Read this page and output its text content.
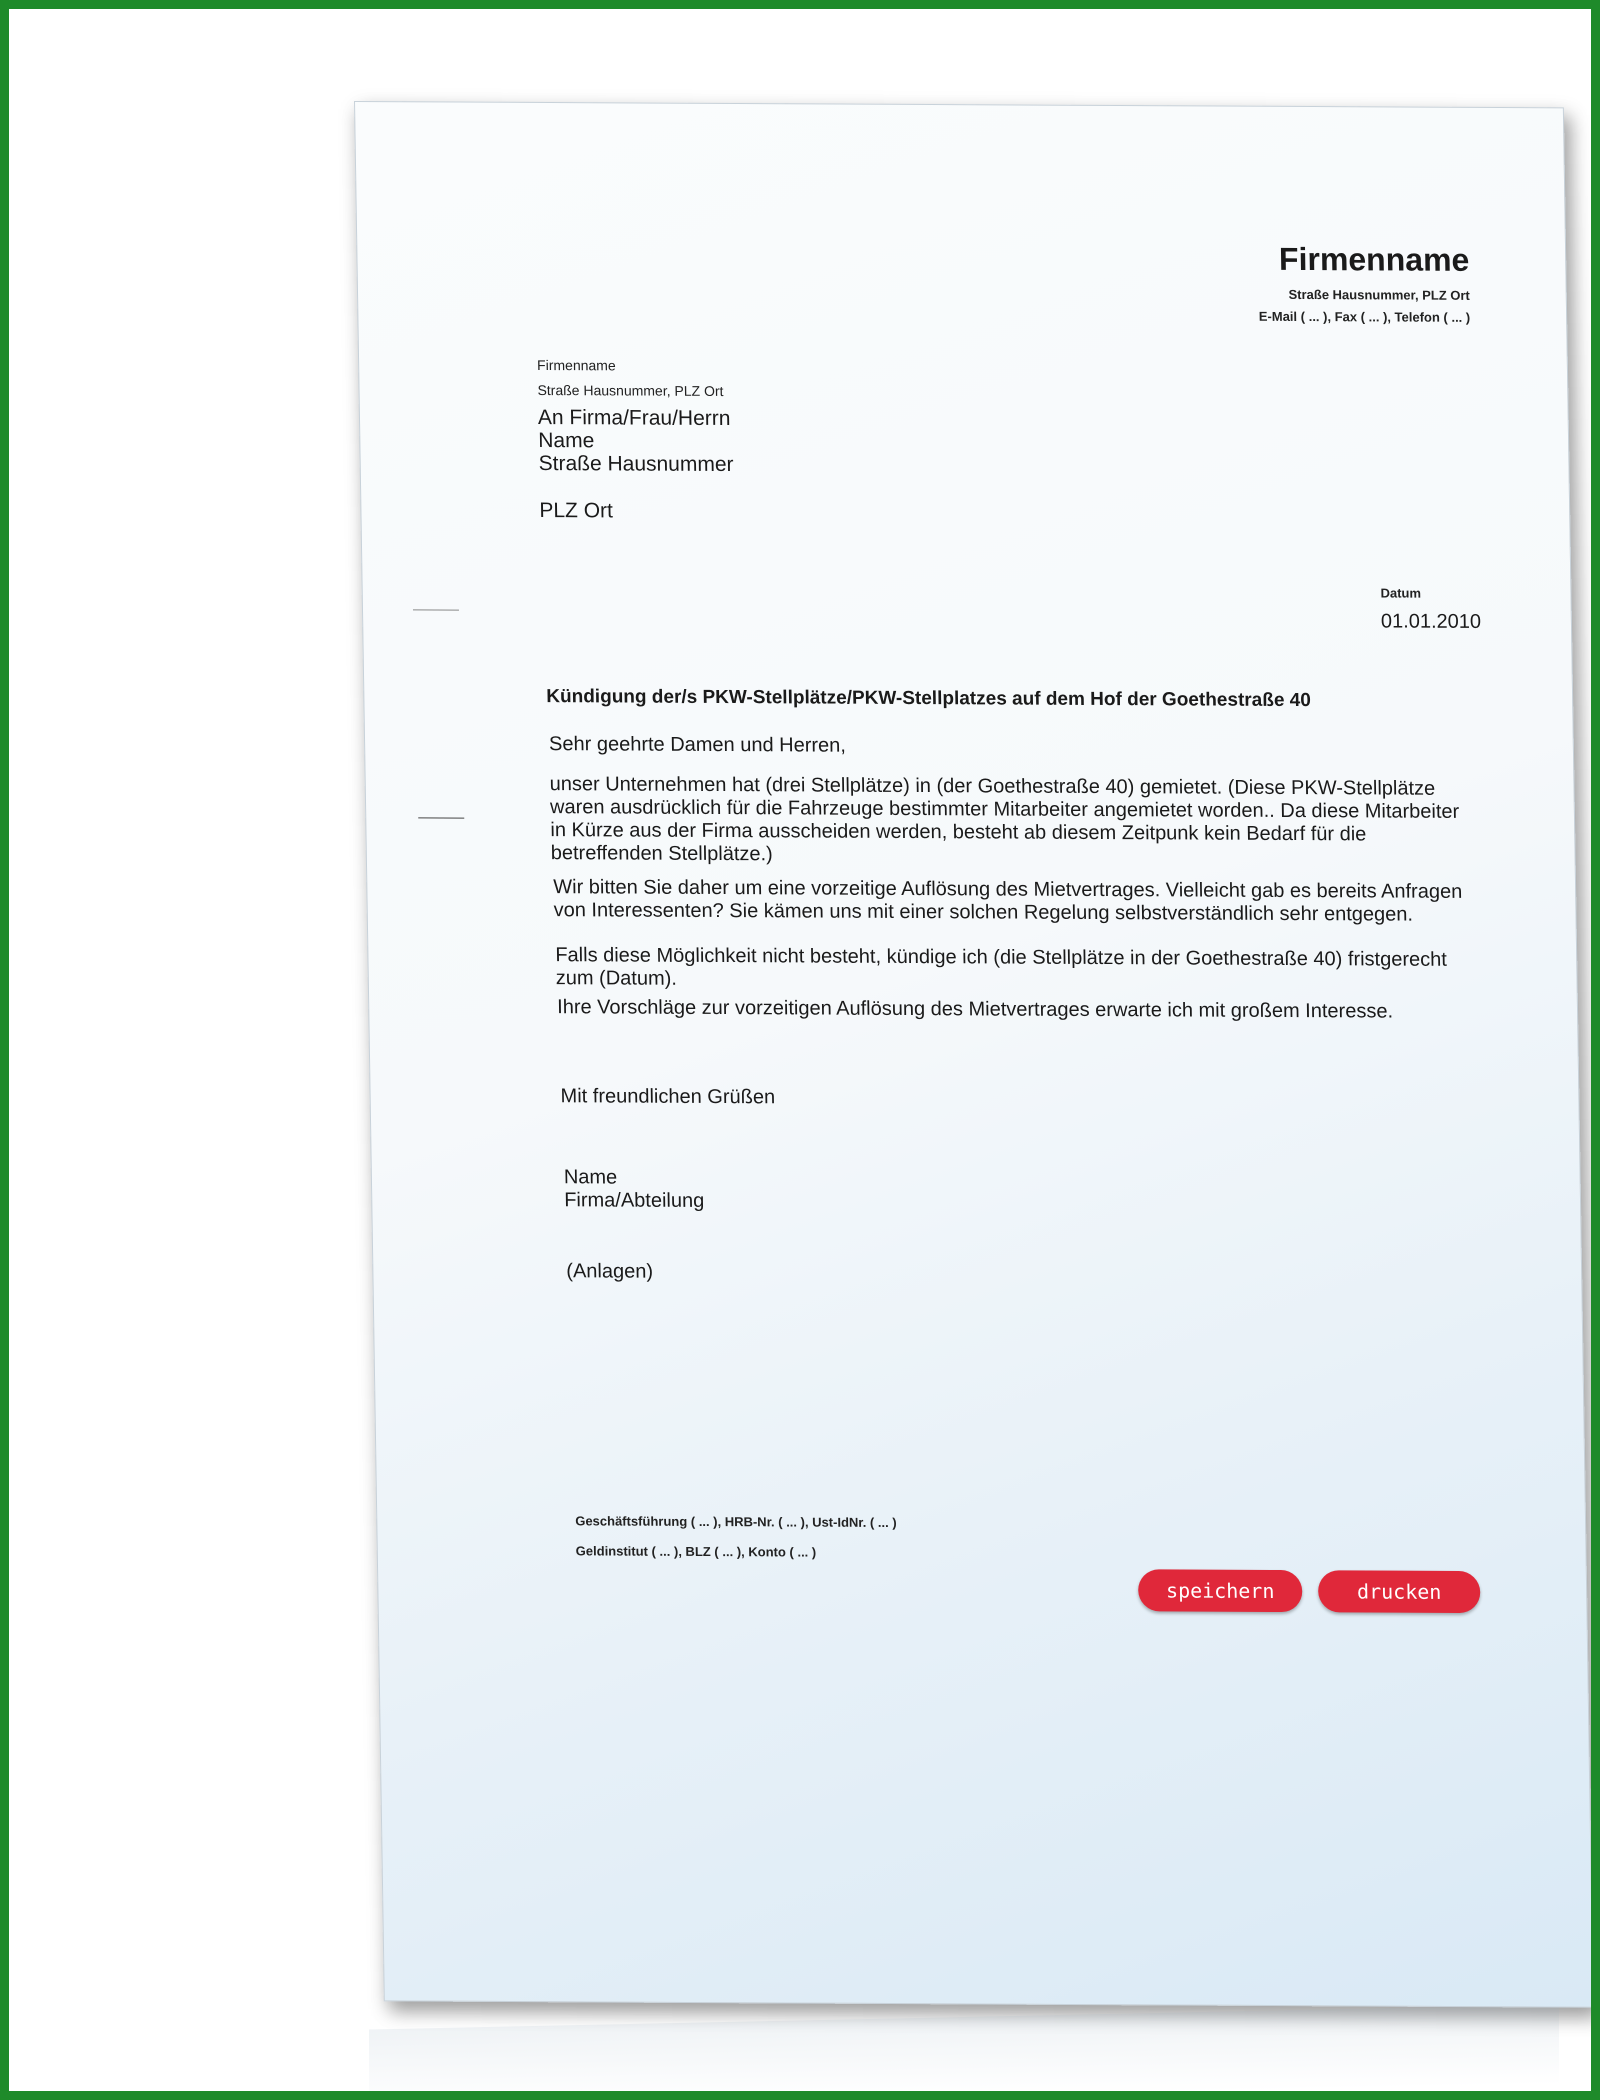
Firmenname
Straße Hausnummer, PLZ Ort
E-Mail ( ... ), Fax ( ... ), Telefon ( ... )
Firmenname
Straße Hausnummer, PLZ Ort
An Firma/Frau/Herrn
Name
Straße Hausnummer
PLZ Ort
Datum
01.01.2010
Kündigung der/s PKW-Stellplätze/PKW-Stellplatzes auf dem Hof der Goethestraße 40
Sehr geehrte Damen und Herren,
unser Unternehmen hat (drei Stellplätze) in (der Goethestraße 40) gemietet. (Diese PKW-Stellplätze waren ausdrücklich für die Fahrzeuge bestimmter Mitarbeiter angemietet worden.. Da diese Mitarbeiter in Kürze aus der Firma ausscheiden werden, besteht ab diesem Zeitpunk kein Bedarf für die betreffenden Stellplätze.)
Wir bitten Sie daher um eine vorzeitige Auflösung des Mietvertrages. Vielleicht gab es bereits Anfragen von Interessenten? Sie kämen uns mit einer solchen Regelung selbstverständlich sehr entgegen.
Falls diese Möglichkeit nicht besteht, kündige ich (die Stellplätze in der Goethestraße 40) fristgerecht zum (Datum).
Ihre Vorschläge zur vorzeitigen Auflösung des Mietvertrages erwarte ich mit großem Interesse.
Mit freundlichen Grüßen
Name
Firma/Abteilung
(Anlagen)
Geschäftsführung ( ... ), HRB-Nr. ( ... ), Ust-IdNr. ( ... )
Geldinstitut ( ... ), BLZ ( ... ), Konto ( ... )
speichern	drucken
